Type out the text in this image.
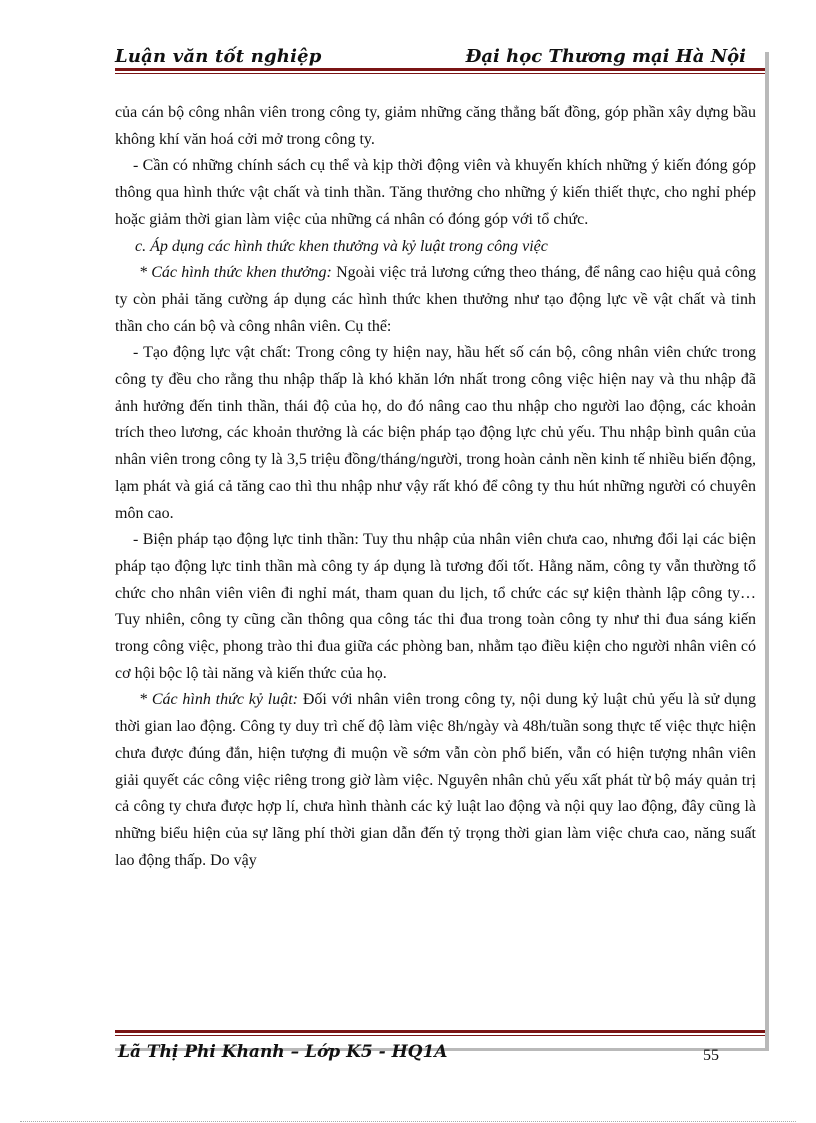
Luận văn tốt nghiệp	Đại học Thương mại Hà Nội

của cán bộ công nhân viên trong công ty, giảm những căng thẳng bất đồng, góp phần xây dựng bầu không khí văn hoá cởi mở trong công ty.

- Cần có những chính sách cụ thể và kịp thời động viên và khuyến khích những ý kiến đóng góp thông qua hình thức vật chất và tinh thần. Tăng thưởng cho những ý kiến thiết thực, cho nghỉ phép hoặc giảm thời gian làm việc của những cá nhân có đóng góp với tổ chức.

c. Áp dụng các hình thức khen thưởng và kỷ luật trong công việc

* Các hình thức khen thưởng: Ngoài việc trả lương cứng theo tháng, để nâng cao hiệu quả công ty còn phải tăng cường áp dụng các hình thức khen thưởng như tạo động lực về vật chất và tinh thần cho cán bộ và công nhân viên. Cụ thể:

- Tạo động lực vật chất: Trong công ty hiện nay, hầu hết số cán bộ, công nhân viên chức trong công ty đều cho rằng thu nhập thấp là khó khăn lớn nhất trong công việc hiện nay và thu nhập đã ảnh hưởng đến tinh thần, thái độ của họ, do đó nâng cao thu nhập cho người lao động, các khoản trích theo lương, các khoản thưởng là các biện pháp tạo động lực chủ yếu. Thu nhập bình quân của nhân viên trong công ty là 3,5 triệu đồng/tháng/người, trong hoàn cảnh nền kinh tế nhiều biến động, lạm phát và giá cả tăng cao thì thu nhập như vậy rất khó để công ty thu hút những người có chuyên môn cao.

- Biện pháp tạo động lực tinh thần: Tuy thu nhập của nhân viên chưa cao, nhưng đổi lại các biện pháp tạo động lực tinh thần mà công ty áp dụng là tương đối tốt. Hằng năm, công ty vẫn thường tổ chức cho nhân viên viên đi nghỉ mát, tham quan du lịch, tổ chức các sự kiện thành lập công ty… Tuy nhiên, công ty cũng cần thông qua công tác thi đua trong toàn công ty như thi đua sáng kiến trong công việc, phong trào thi đua giữa các phòng ban, nhằm tạo điều kiện cho người nhân viên có cơ hội bộc lộ tài năng và kiến thức của họ.

* Các hình thức kỷ luật: Đối với nhân viên trong công ty, nội dung kỷ luật chủ yếu là sử dụng thời gian lao động. Công ty duy trì chế độ làm việc 8h/ngày và 48h/tuần song thực tế việc thực hiện chưa được đúng đắn, hiện tượng đi muộn về sớm vẫn còn phổ biến, vẫn có hiện tượng nhân viên giải quyết các công việc riêng trong giờ làm việc. Nguyên nhân chủ yếu xất phát từ bộ máy quản trị cả công ty chưa được hợp lí, chưa hình thành các kỷ luật lao động và nội quy lao động, đây cũng là những biểu hiện của sự lãng phí thời gian dẫn đến tỷ trọng thời gian làm việc chưa cao, năng suất lao động thấp. Do vậy

Lã Thị Phi Khanh – Lớp K5 - HQ1A	55
